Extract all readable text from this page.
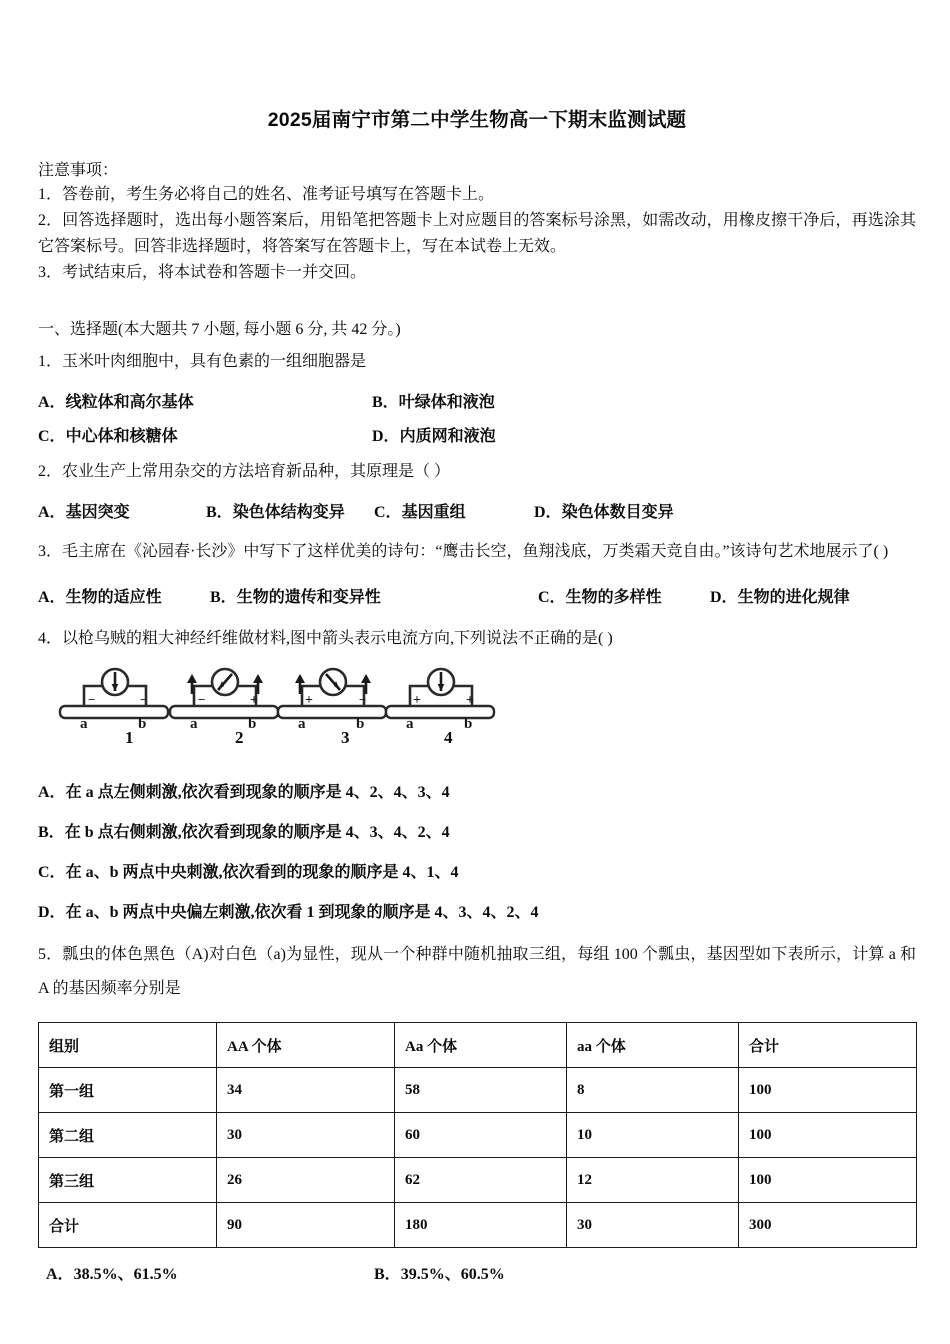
2025届南宁市第二中学生物高一下期末监测试题
注意事项：
1．答卷前，考生务必将自己的姓名、准考证号填写在答题卡上。
2．回答选择题时，选出每小题答案后，用铅笔把答题卡上对应题目的答案标号涂黑，如需改动，用橡皮擦干净后，再选涂其它答案标号。回答非选择题时，将答案写在答题卡上，写在本试卷上无效。
3．考试结束后，将本试卷和答题卡一并交回。
一、选择题(本大题共 7 小题, 每小题 6 分, 共 42 分。)
1．玉米叶肉细胞中，具有色素的一组细胞器是
A．线粒体和高尔基体	B．叶绿体和液泡
C．中心体和核糖体	D．内质网和液泡
2．农业生产上常用杂交的方法培育新品种，其原理是（ ）
A．基因突变	B．染色体结构变异 C．基因重组	D．染色体数目变异
3．毛主席在《沁园春·长沙》中写下了这样优美的诗句：“鹰击长空，鱼翔浅底，万类霜天竞自由。”该诗句艺术地展示了( )
A．生物的适应性	B．生物的遗传和变异性	C．生物的多样性	D．生物的进化规律
4．以枪乌贼的粗大神经纤维做材料,图中箭头表示电流方向,下列说法不正确的是( )
−	−
a	b
1
−	+
a	b
2
+	−
a	b
3
+	+
a	b
4
A．在 a 点左侧刺激,依次看到现象的顺序是 4、2、4、3、4
B．在 b 点右侧刺激,依次看到现象的顺序是 4、3、4、2、4
C．在 a、b 两点中央刺激,依次看到的现象的顺序是 4、1、4
D．在 a、b 两点中央偏左刺激,依次看 1 到现象的顺序是 4、3、4、2、4
5．瓢虫的体色黑色（A)对白色（a)为显性，现从一个种群中随机抽取三组，每组 100 个瓢虫，基因型如下表所示，计算 a 和 A 的基因频率分别是
组别	AA 个体	Aa 个体	aa 个体	合计
第一组	34	58	8	100
第二组	30	60	10	100
第三组	26	62	12	100
合计	90	180	30	300
A．38.5%、61.5%	B．39.5%、60.5%
